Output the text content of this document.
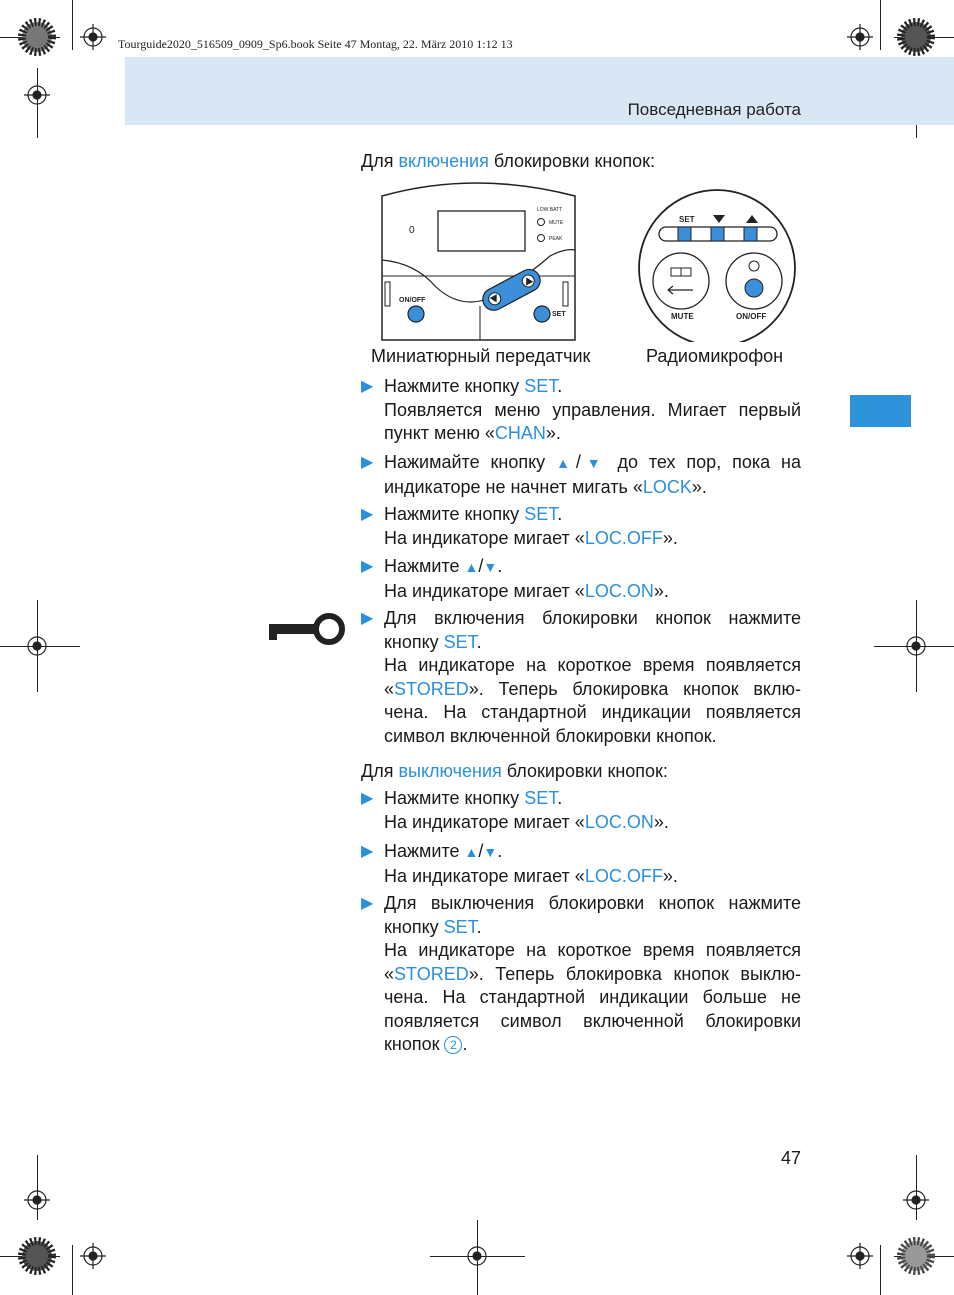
Tourguide2020_516509_0909_Sp6.book Seite 47 Montag, 22. März 2010 1:12 13
Повседневная работа
Для включения блокировки кнопок:
0
LOW BATT
MUTE
PEAK
ON/OFF
SET
SET
MUTE	ON/OFF
Миниатюрный передатчик	Радиомикрофон
▶ Нажмите кнопку SET.
Появляется меню управления. Мигает первый пункт меню «CHAN».
▶ Нажимайте кнопку ▲/▼ до тех пор, пока на индикаторе не начнет мигать «LOCK».
▶ Нажмите кнопку SET.
На индикаторе мигает «LOC.OFF».
▶ Нажмите ▲/▼.
На индикаторе мигает «LOC.ON».
▶ Для включения блокировки кнопок нажмите кнопку SET.
На индикаторе на короткое время появляется «STORED». Теперь блокировка кнопок вклю-чена. На стандартной индикации появляется символ включенной блокировки кнопок.
Для выключения блокировки кнопок:
▶ Нажмите кнопку SET.
На индикаторе мигает «LOC.ON».
▶ Нажмите ▲/▼.
На индикаторе мигает «LOC.OFF».
▶ Для выключения блокировки кнопок нажмите кнопку SET.
На индикаторе на короткое время появляется «STORED». Теперь блокировка кнопок выклю-чена. На стандартной индикации больше не появляется символ включенной блокировки кнопок 2 .
47
